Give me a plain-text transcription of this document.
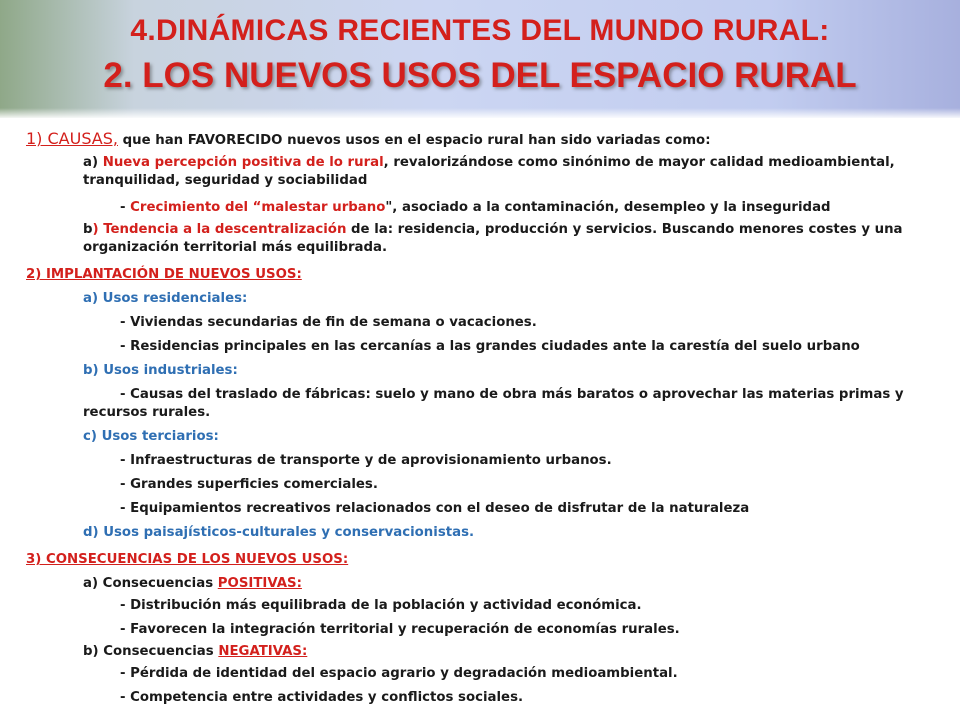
4.DINÁMICAS RECIENTES DEL MUNDO RURAL:
2. LOS NUEVOS USOS DEL ESPACIO RURAL
1) CAUSAS, que han FAVORECIDO nuevos usos en el espacio rural han sido variadas como:
a) Nueva percepción positiva de lo rural, revalorizándose como sinónimo de mayor calidad medioambiental,
tranquilidad, seguridad y sociabilidad
- Crecimiento del “malestar urbano", asociado a la contaminación, desempleo y la inseguridad
b) Tendencia a la descentralización de la: residencia, producción y servicios. Buscando menores costes y una
organización territorial más equilibrada.
2) IMPLANTACIÓN DE NUEVOS USOS:
a) Usos residenciales:
- Viviendas secundarias de fin de semana o vacaciones.
- Residencias principales en las cercanías a las grandes ciudades ante la carestía del suelo urbano
b) Usos industriales:
- Causas del traslado de fábricas: suelo y mano de obra más baratos o aprovechar las materias primas y
recursos rurales.
c) Usos terciarios:
- Infraestructuras de transporte y de aprovisionamiento urbanos.
- Grandes superficies comerciales.
- Equipamientos recreativos relacionados con el deseo de disfrutar de la naturaleza
d) Usos paisajísticos-culturales y conservacionistas.
3) CONSECUENCIAS DE LOS NUEVOS USOS:
a) Consecuencias POSITIVAS:
- Distribución más equilibrada de la población y actividad económica.
- Favorecen la integración territorial y recuperación de economías rurales.
b) Consecuencias NEGATIVAS:
- Pérdida de identidad del espacio agrario y degradación medioambiental.
- Competencia entre actividades y conflictos sociales.
